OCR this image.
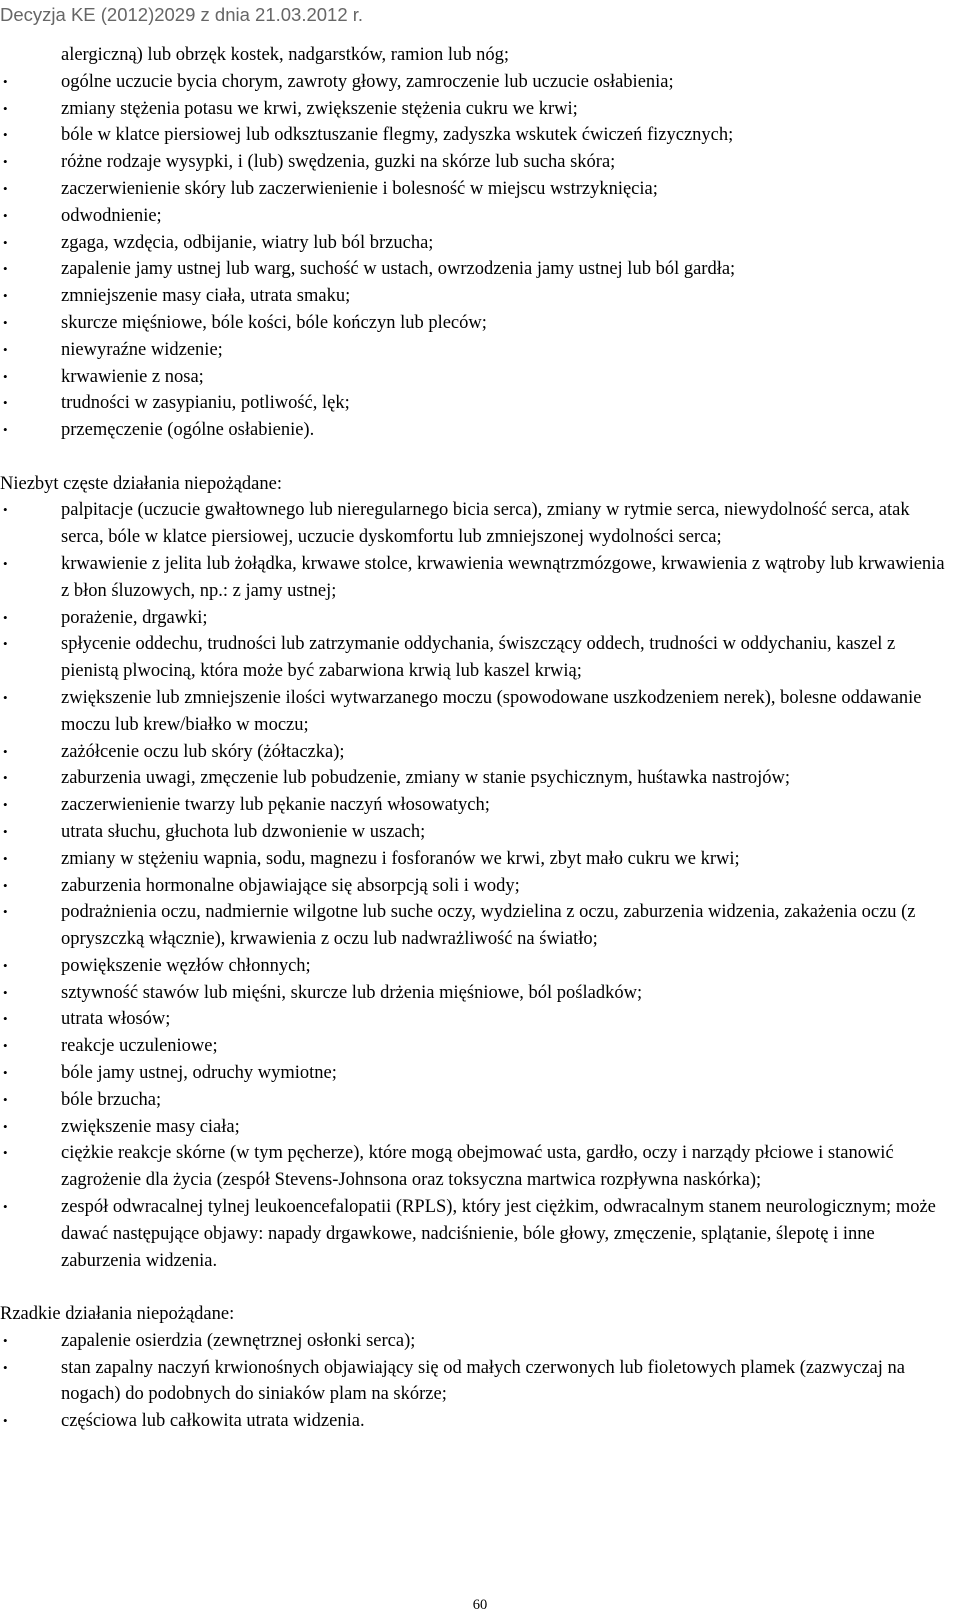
Decyzja KE (2012)2029 z dnia 21.03.2012 r.
alergiczną) lub obrzęk kostek, nadgarstków, ramion lub nóg;
•	ogólne uczucie bycia chorym, zawroty głowy, zamroczenie lub uczucie osłabienia;
•	zmiany stężenia potasu we krwi, zwiększenie stężenia cukru we krwi;
•	bóle w klatce piersiowej lub odksztuszanie flegmy, zadyszka wskutek ćwiczeń fizycznych;
•	różne rodzaje wysypki, i (lub) swędzenia, guzki na skórze lub sucha skóra;
•	zaczerwienienie skóry lub zaczerwienienie i bolesność w miejscu wstrzyknięcia;
•	odwodnienie;
•	zgaga, wzdęcia, odbijanie, wiatry lub ból brzucha;
•	zapalenie jamy ustnej lub warg, suchość w ustach, owrzodzenia jamy ustnej lub ból gardła;
•	zmniejszenie masy ciała, utrata smaku;
•	skurcze mięśniowe, bóle kości, bóle kończyn lub pleców;
•	niewyraźne widzenie;
•	krwawienie z nosa;
•	trudności w zasypianiu, potliwość, lęk;
•	przemęczenie (ogólne osłabienie).
Niezbyt częste działania niepożądane:
•	palpitacje (uczucie gwałtownego lub nieregularnego bicia serca), zmiany w rytmie serca, niewydolność serca, atak serca, bóle w klatce piersiowej, uczucie dyskomfortu lub zmniejszonej wydolności serca;
•	krwawienie z jelita lub żołądka, krwawe stolce, krwawienia wewnątrzmózgowe, krwawienia z wątroby lub krwawienia z błon śluzowych, np.: z jamy ustnej;
•	porażenie, drgawki;
•	spłycenie oddechu, trudności lub zatrzymanie oddychania, świszczący oddech, trudności w oddychaniu, kaszel z pienistą plwociną, która może być zabarwiona krwią lub kaszel krwią;
•	zwiększenie lub zmniejszenie ilości wytwarzanego moczu (spowodowane uszkodzeniem nerek), bolesne oddawanie moczu lub krew/białko w moczu;
•	zażółcenie oczu lub skóry (żółtaczka);
•	zaburzenia uwagi, zmęczenie lub pobudzenie, zmiany w stanie psychicznym, huśtawka nastrojów;
•	zaczerwienienie twarzy lub pękanie naczyń włosowatych;
•	utrata słuchu, głuchota lub dzwonienie w uszach;
•	zmiany w stężeniu wapnia, sodu, magnezu i fosforanów we krwi, zbyt mało cukru we krwi;
•	zaburzenia hormonalne objawiające się absorpcją soli i wody;
•	podrażnienia oczu, nadmiernie wilgotne lub suche oczy, wydzielina z oczu, zaburzenia widzenia, zakażenia oczu (z opryszczką włącznie), krwawienia z oczu lub nadwrażliwość na światło;
•	powiększenie węzłów chłonnych;
•	sztywność stawów lub mięśni, skurcze lub drżenia mięśniowe, ból pośladków;
•	utrata włosów;
•	reakcje uczuleniowe;
•	bóle jamy ustnej, odruchy wymiotne;
•	bóle brzucha;
•	zwiększenie masy ciała;
•	ciężkie reakcje skórne (w tym pęcherze), które mogą obejmować usta, gardło, oczy i narządy płciowe i stanowić zagrożenie dla życia (zespół Stevens-Johnsona oraz toksyczna martwica rozpływna naskórka);
•	zespół odwracalnej tylnej leukoencefalopatii (RPLS), który jest ciężkim, odwracalnym stanem neurologicznym; może dawać następujące objawy: napady drgawkowe, nadciśnienie, bóle głowy, zmęczenie, splątanie, ślepotę i inne zaburzenia widzenia.
Rzadkie działania niepożądane:
•	zapalenie osierdzia (zewnętrznej osłonki serca);
•	stan zapalny naczyń krwionośnych objawiający się od małych czerwonych lub fioletowych plamek (zazwyczaj na nogach) do podobnych do siniaków plam na skórze;
•	częściowa lub całkowita utrata widzenia.
60
